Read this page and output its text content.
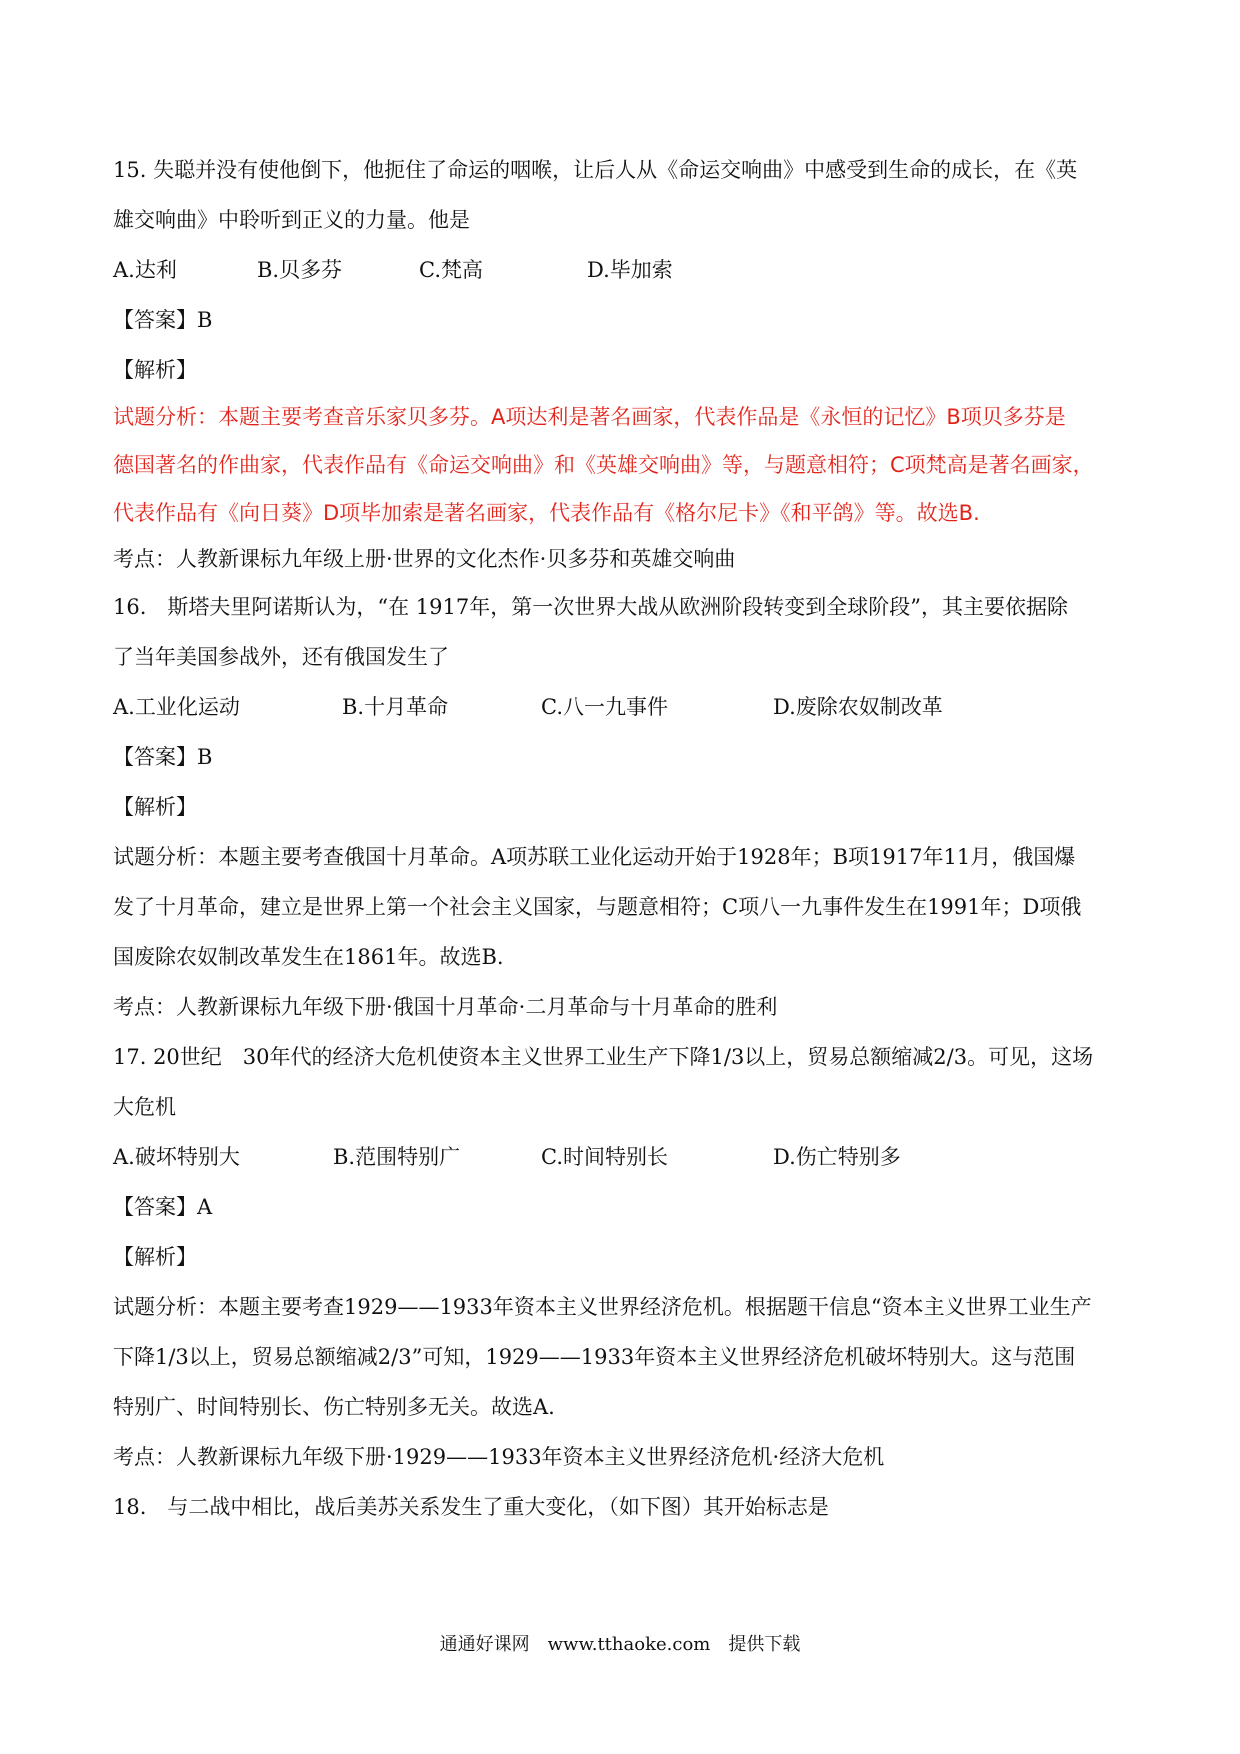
15. 失聪并没有使他倒下，他扼住了命运的咽喉，让后人从《命运交响曲》中感受到生命的成长，在《英
雄交响曲》中聆听到正义的力量。他是
A.达利	B.贝多芬	C.梵高	D.毕加索
【答案】B
【解析】
试题分析：本题主要考查音乐家贝多芬。A项达利是著名画家，代表作品是《永恒的记忆》B项贝多芬是
德国著名的作曲家，代表作品有《命运交响曲》和《英雄交响曲》等，与题意相符；C项梵高是著名画家，
代表作品有《向日葵》D项毕加索是著名画家，代表作品有《格尔尼卡》《和平鸽》等。故选B.
考点：人教新课标九年级上册·世界的文化杰作·贝多芬和英雄交响曲
16.　斯塔夫里阿诺斯认为，“在 1917年，第一次世界大战从欧洲阶段转变到全球阶段”，其主要依据除
了当年美国参战外，还有俄国发生了
A.工业化运动	B.十月革命	C.八一九事件	D.废除农奴制改革
【答案】B
【解析】
试题分析：本题主要考查俄国十月革命。A项苏联工业化运动开始于1928年；B项1917年11月，俄国爆
发了十月革命，建立是世界上第一个社会主义国家，与题意相符；C项八一九事件发生在1991年；D项俄
国废除农奴制改革发生在1861年。故选B.
考点：人教新课标九年级下册·俄国十月革命·二月革命与十月革命的胜利
17. 20世纪　30年代的经济大危机使资本主义世界工业生产下降1/3以上，贸易总额缩减2/3。可见，这场
大危机
A.破坏特别大	B.范围特别广	C.时间特别长	D.伤亡特别多
【答案】A
【解析】
试题分析：本题主要考查1929——1933年资本主义世界经济危机。根据题干信息“资本主义世界工业生产
下降1/3以上，贸易总额缩减2/3”可知，1929——1933年资本主义世界经济危机破坏特别大。这与范围
特别广、时间特别长、伤亡特别多无关。故选A.
考点：人教新课标九年级下册·1929——1933年资本主义世界经济危机·经济大危机
18.　与二战中相比，战后美苏关系发生了重大变化，（如下图）其开始标志是
通通好课网　www.tthaoke.com　提供下载
